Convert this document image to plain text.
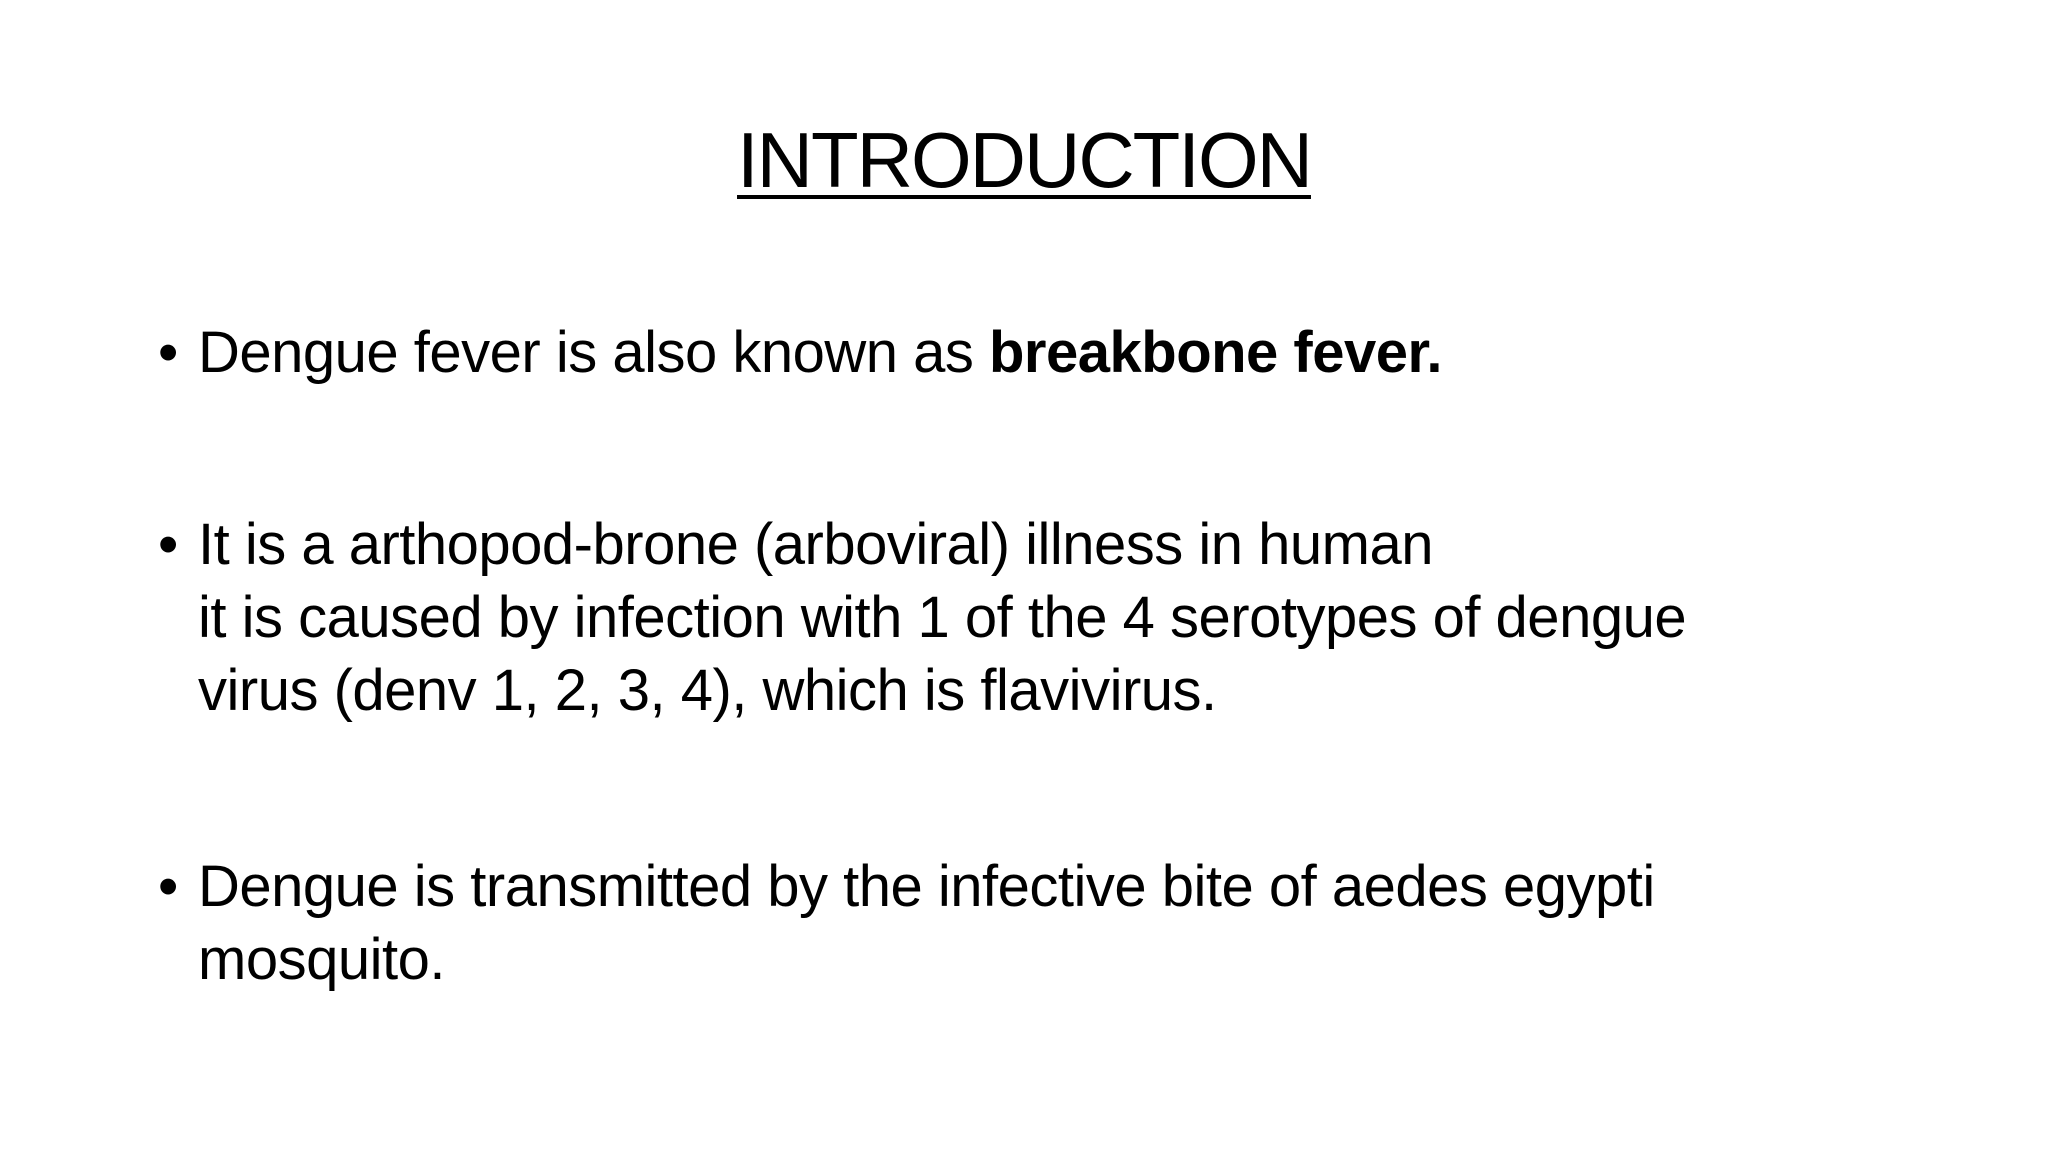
INTRODUCTION
• Dengue fever is also known as breakbone fever.
• It is a arthopod-brone (arboviral) illness in human
it is caused by infection with 1 of the 4 serotypes of dengue
virus (denv 1, 2, 3, 4), which is flavivirus.
• Dengue is transmitted by the infective bite of aedes egypti
mosquito.
